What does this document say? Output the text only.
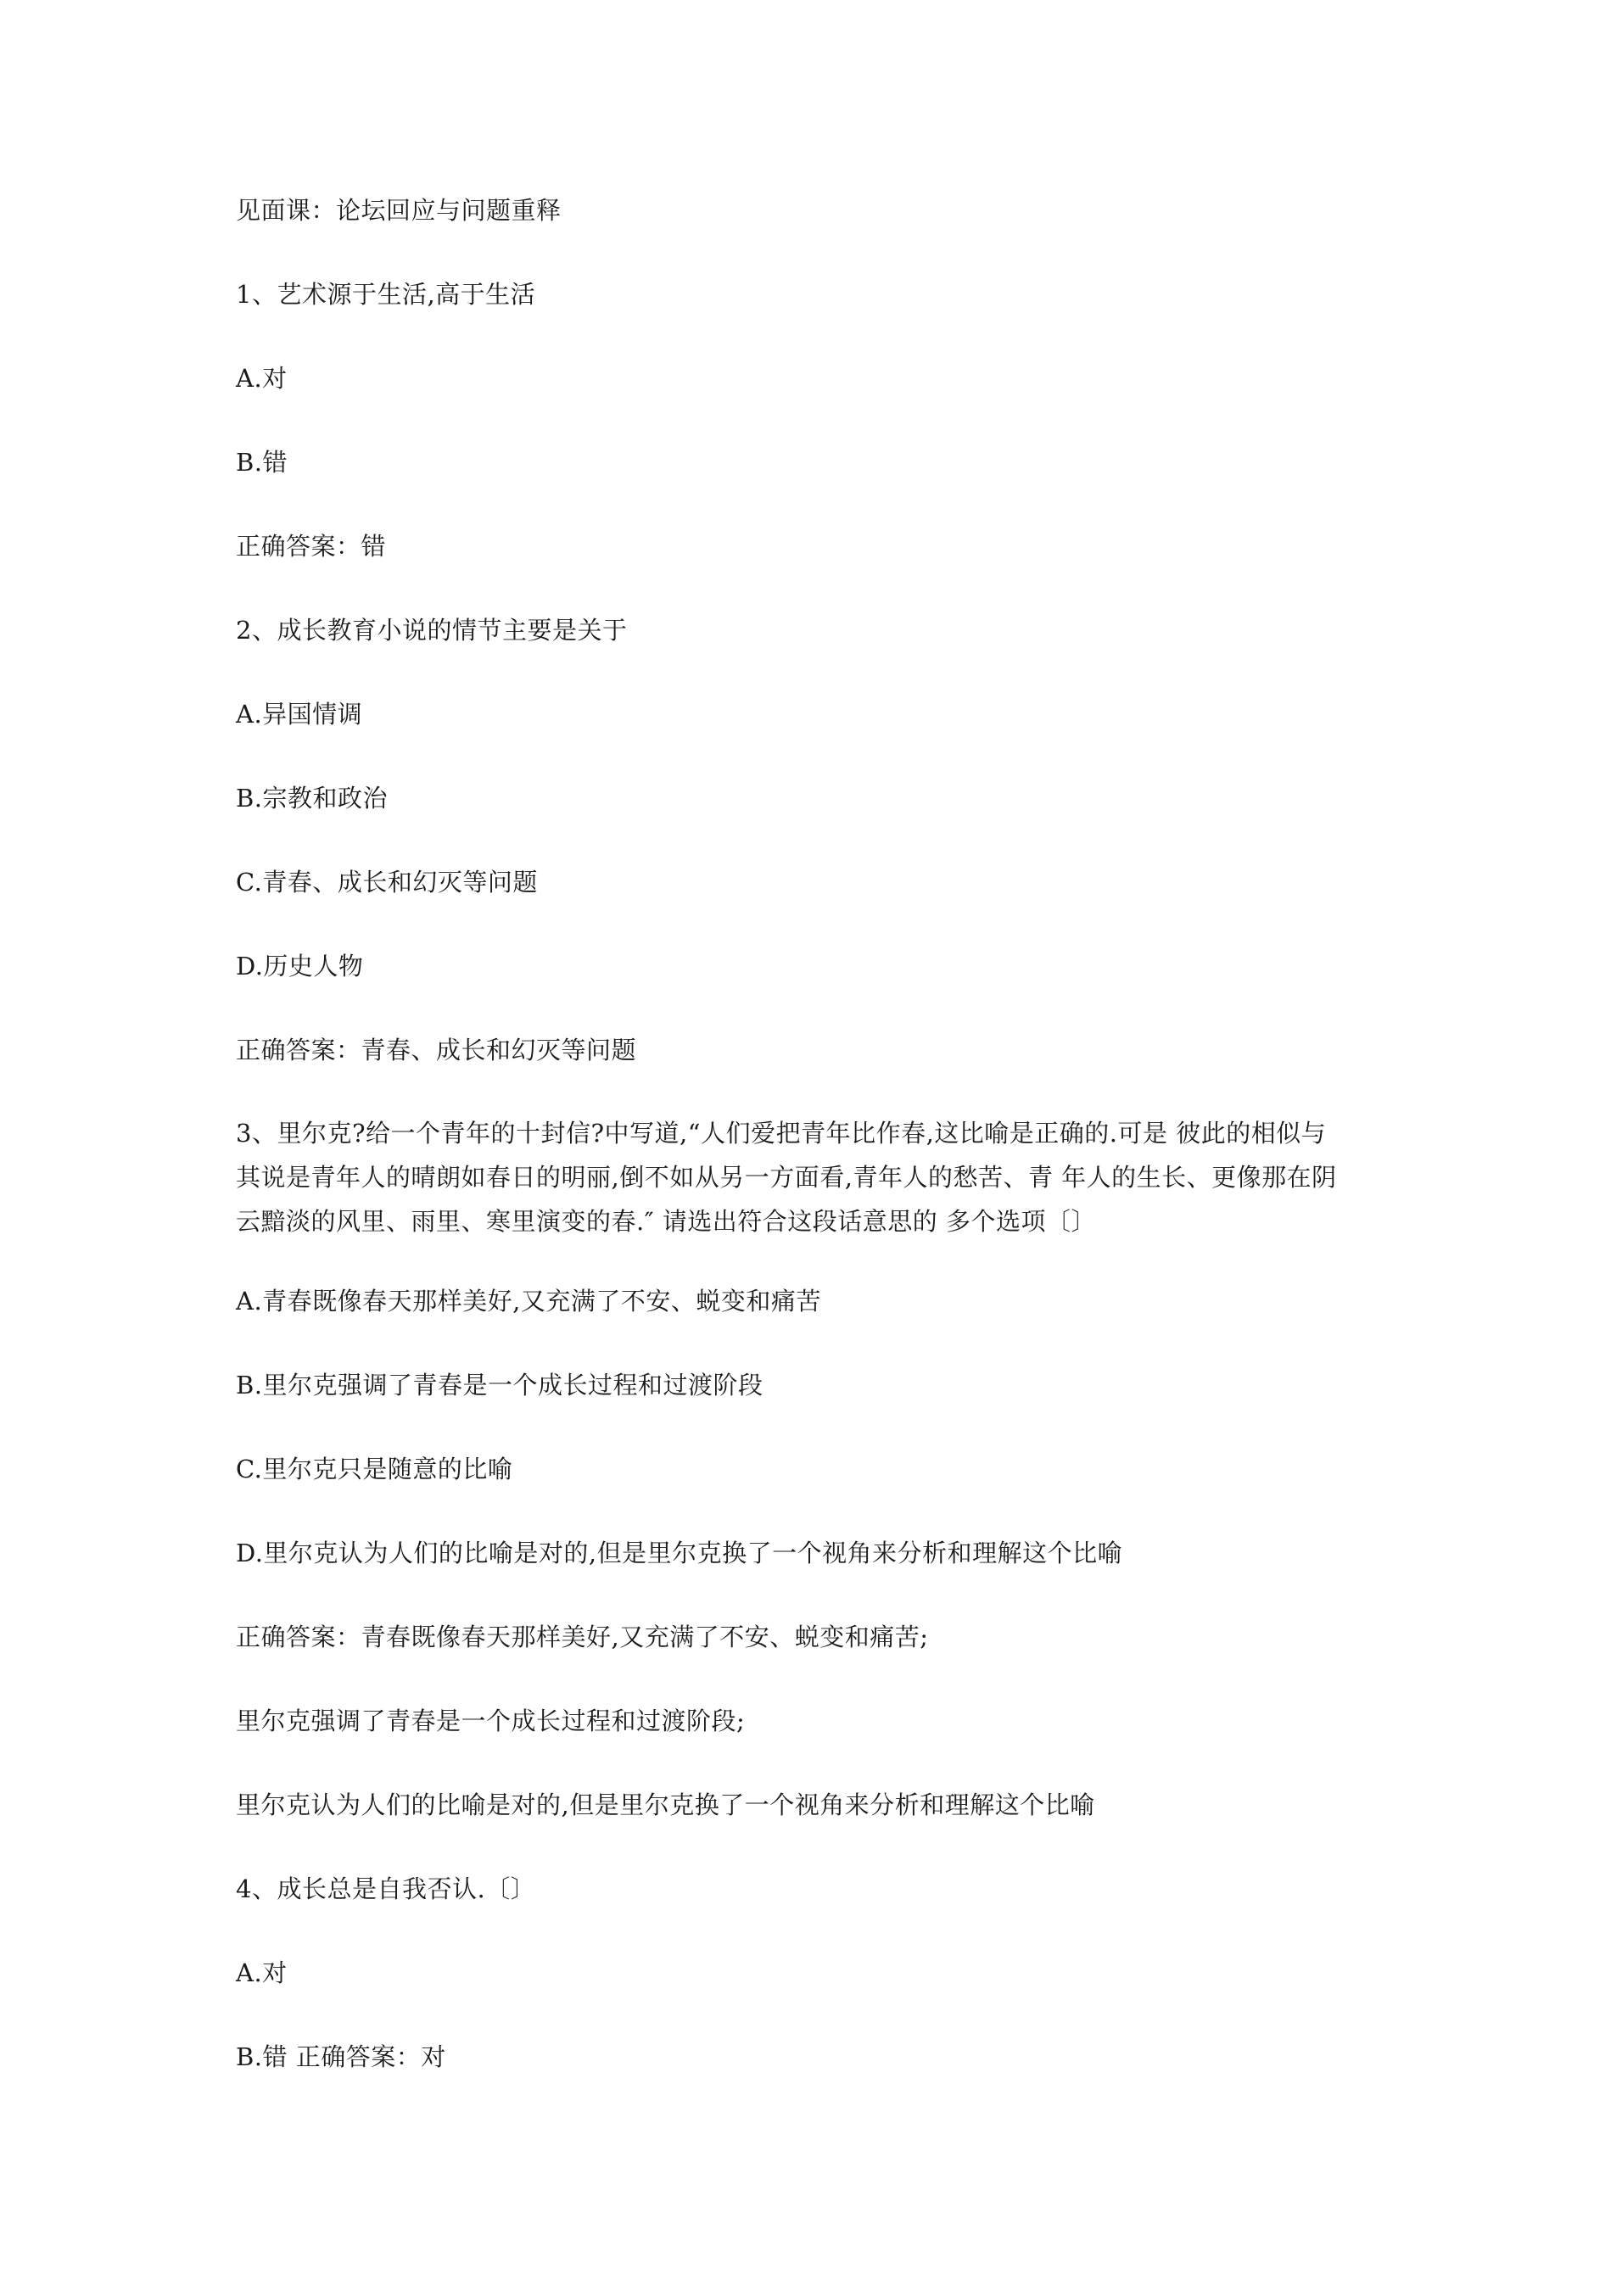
见面课：论坛回应与问题重释
1、艺术源于生活,高于生活
A.对
B.错
正确答案：错
2、成长教育小说的情节主要是关于
A.异国情调
B.宗教和政治
C.青春、成长和幻灭等问题
D.历史人物
正确答案：青春、成长和幻灭等问题
3、里尔克?给一个青年的十封信?中写道,“人们爱把青年比作春,这比喻是正确的.可是 彼此的相似与
其说是青年人的晴朗如春日的明丽,倒不如从另一方面看,青年人的愁苦、青 年人的生长、更像那在阴
云黯淡的风里、雨里、寒里演变的春.″ 请选出符合这段话意思的 多个选项〔〕
A.青春既像春天那样美好,又充满了不安、蜕变和痛苦
B.里尔克强调了青春是一个成长过程和过渡阶段
C.里尔克只是随意的比喻
D.里尔克认为人们的比喻是对的,但是里尔克换了一个视角来分析和理解这个比喻
正确答案：青春既像春天那样美好,又充满了不安、蜕变和痛苦;
里尔克强调了青春是一个成长过程和过渡阶段;
里尔克认为人们的比喻是对的,但是里尔克换了一个视角来分析和理解这个比喻
4、成长总是自我否认.〔〕
A.对
B.错 正确答案：对
